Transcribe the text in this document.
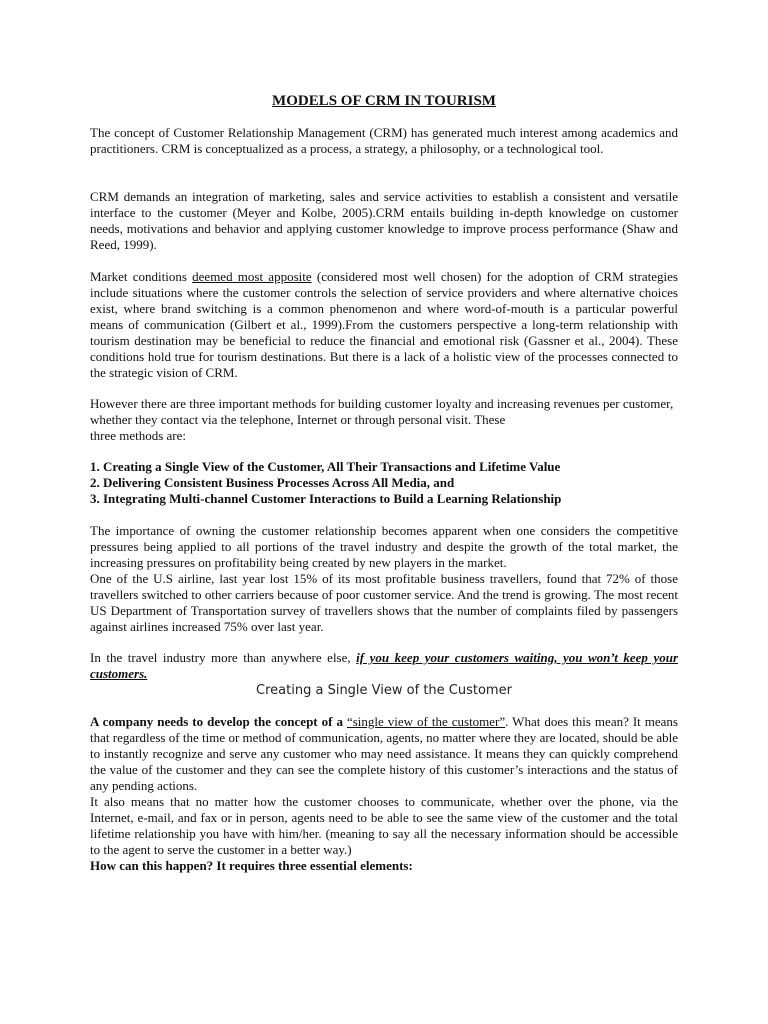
MODELS OF CRM IN TOURISM

The concept of Customer Relationship Management (CRM) has generated much interest among academics and practitioners. CRM is conceptualized as a process, a strategy, a philosophy, or a technological tool.

CRM demands an integration of marketing, sales and service activities to establish a consistent and versatile interface to the customer (Meyer and Kolbe, 2005).CRM entails building in-depth knowledge on customer needs, motivations and behavior and applying customer knowledge to improve process performance (Shaw and Reed, 1999).

Market conditions deemed most apposite (considered most well chosen) for the adoption of CRM strategies include situations where the customer controls the selection of service providers and where alternative choices exist, where brand switching is a common phenomenon and where word-of-mouth is a particular powerful means of communication (Gilbert et al., 1999).From the customers perspective a long-term relationship with tourism destination may be beneficial to reduce the financial and emotional risk (Gassner et al., 2004). These conditions hold true for tourism destinations. But there is a lack of a holistic view of the processes connected to the strategic vision of CRM.

However there are three important methods for building customer loyalty and increasing revenues per customer, whether they contact via the telephone, Internet or through personal visit. These
three methods are:

1. Creating a Single View of the Customer, All Their Transactions and Lifetime Value
2. Delivering Consistent Business Processes Across All Media, and
3. Integrating Multi-channel Customer Interactions to Build a Learning Relationship

The importance of owning the customer relationship becomes apparent when one considers the competitive pressures being applied to all portions of the travel industry and despite the growth of the total market, the increasing pressures on profitability being created by new players in the market.
One of the U.S airline, last year lost 15% of its most profitable business travellers, found that 72% of those travellers switched to other carriers because of poor customer service. And the trend is growing. The most recent US Department of Transportation survey of travellers shows that the number of complaints filed by passengers against airlines increased 75% over last year.

In the travel industry more than anywhere else, if you keep your customers waiting, you won’t keep your customers.

Creating a Single View of the Customer

A company needs to develop the concept of a “single view of the customer”. What does this mean? It means that regardless of the time or method of communication, agents, no matter where they are located, should be able to instantly recognize and serve any customer who may need assistance. It means they can quickly comprehend the value of the customer and they can see the complete history of this customer’s interactions and the status of any pending actions.

It also means that no matter how the customer chooses to communicate, whether over the phone, via the Internet, e-mail, and fax or in person, agents need to be able to see the same view of the customer and the total lifetime relationship you have with him/her. (meaning to say all the necessary information should be accessible to the agent to serve the customer in a better way.)

How can this happen? It requires three essential elements:
